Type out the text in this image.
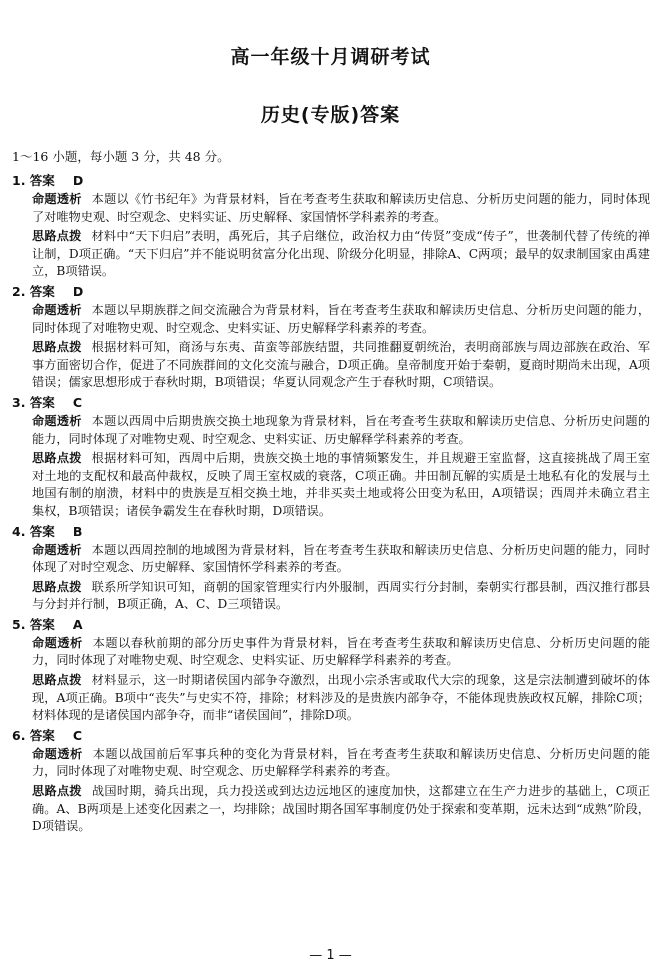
高一年级十月调研考试
历史(专版)答案
1～16 小题，每小题 3 分，共 48 分。
1. 答案 D

命题透析 本题以《竹书纪年》为背景材料，旨在考查考生获取和解读历史信息、分析历史问题的能力，同时体现了对唯物史观、时空观念、史料实证、历史解释、家国情怀学科素养的考查。

思路点拨 材料中“天下归启”表明，禹死后，其子启继位，政治权力由“传贤”变成“传子”，世袭制代替了传统的禅让制，D项正确。“天下归启”并不能说明贫富分化出现、阶级分化明显，排除A、C两项；最早的奴隶制国家由禹建立，B项错误。

2. 答案 D

命题透析 本题以早期族群之间交流融合为背景材料，旨在考查考生获取和解读历史信息、分析历史问题的能力，同时体现了对唯物史观、时空观念、史料实证、历史解释学科素养的考查。

思路点拨 根据材料可知，商汤与东夷、苗蛮等部族结盟，共同推翻夏朝统治，表明商部族与周边部族在政治、军事方面密切合作，促进了不同族群间的文化交流与融合，D项正确。皇帝制度开始于秦朝，夏商时期尚未出现，A项错误；儒家思想形成于春秋时期，B项错误；华夏认同观念产生于春秋时期，C项错误。

3. 答案 C

命题透析 本题以西周中后期贵族交换土地现象为背景材料，旨在考查考生获取和解读历史信息、分析历史问题的能力，同时体现了对唯物史观、时空观念、史料实证、历史解释学科素养的考查。

思路点拨 根据材料可知，西周中后期，贵族交换土地的事情频繁发生，并且规避王室监督，这直接挑战了周王室对土地的支配权和最高仲裁权，反映了周王室权威的衰落，C项正确。井田制瓦解的实质是土地私有化的发展与土地国有制的崩溃，材料中的贵族是互相交换土地，并非买卖土地或将公田变为私田，A项错误；西周并未确立君主集权，B项错误；诸侯争霸发生在春秋时期，D项错误。

4. 答案 B

命题透析 本题以西周控制的地域图为背景材料，旨在考查考生获取和解读历史信息、分析历史问题的能力，同时体现了对时空观念、历史解释、家国情怀学科素养的考查。

思路点拨 联系所学知识可知，商朝的国家管理实行内外服制，西周实行分封制，秦朝实行郡县制，西汉推行郡县与分封并行制，B项正确，A、C、D三项错误。

5. 答案 A

命题透析 本题以春秋前期的部分历史事件为背景材料，旨在考查考生获取和解读历史信息、分析历史问题的能力，同时体现了对唯物史观、时空观念、史料实证、历史解释学科素养的考查。

思路点拨 材料显示，这一时期诸侯国内部争夺激烈，出现小宗杀害或取代大宗的现象，这是宗法制遭到破坏的体现，A项正确。B项中“丧失”与史实不符，排除；材料涉及的是贵族内部争夺，不能体现贵族政权瓦解，排除C项；材料体现的是诸侯国内部争夺，而非“诸侯国间”，排除D项。

6. 答案 C

命题透析 本题以战国前后军事兵种的变化为背景材料，旨在考查考生获取和解读历史信息、分析历史问题的能力，同时体现了对唯物史观、时空观念、历史解释学科素养的考查。

思路点拨 战国时期，骑兵出现，兵力投送或到达边远地区的速度加快，这都建立在生产力进步的基础上，C项正确。A、B两项是上述变化因素之一，均排除；战国时期各国军事制度仍处于探索和变革期，远未达到“成熟”阶段，D项错误。

— 1 —
